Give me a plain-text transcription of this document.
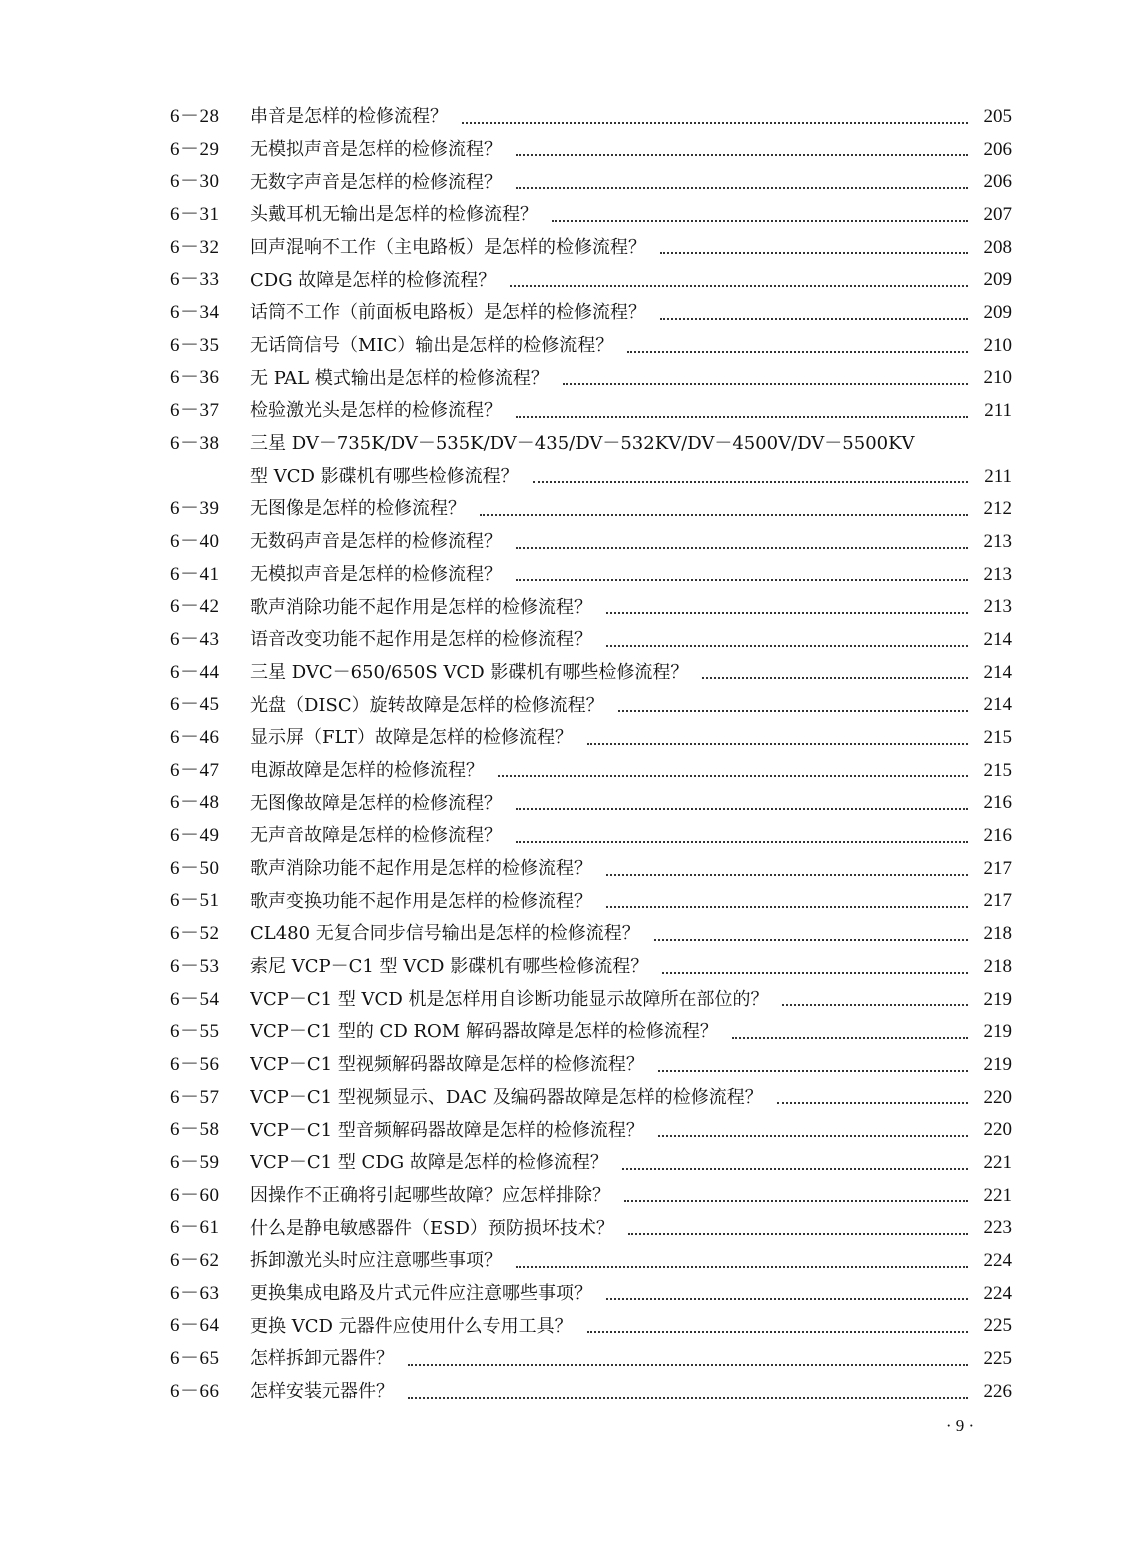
6－28	串音是怎样的检修流程？	205
6－29	无模拟声音是怎样的检修流程？	206
6－30	无数字声音是怎样的检修流程？	206
6－31	头戴耳机无输出是怎样的检修流程？	207
6－32	回声混响不工作（主电路板）是怎样的检修流程？	208
6－33	CDG 故障是怎样的检修流程？	209
6－34	话筒不工作（前面板电路板）是怎样的检修流程？	209
6－35	无话筒信号（MIC）输出是怎样的检修流程？	210
6－36	无 PAL 模式输出是怎样的检修流程？	210
6－37	检验激光头是怎样的检修流程？	211
6－38	三星 DV－735K/DV－535K/DV－435/DV－532KV/DV－4500V/DV－5500KV
型 VCD 影碟机有哪些检修流程？	211
6－39	无图像是怎样的检修流程？	212
6－40	无数码声音是怎样的检修流程？	213
6－41	无模拟声音是怎样的检修流程？	213
6－42	歌声消除功能不起作用是怎样的检修流程？	213
6－43	语音改变功能不起作用是怎样的检修流程？	214
6－44	三星 DVC－650/650S VCD 影碟机有哪些检修流程？	214
6－45	光盘（DISC）旋转故障是怎样的检修流程？	214
6－46	显示屏（FLT）故障是怎样的检修流程？	215
6－47	电源故障是怎样的检修流程？	215
6－48	无图像故障是怎样的检修流程？	216
6－49	无声音故障是怎样的检修流程？	216
6－50	歌声消除功能不起作用是怎样的检修流程？	217
6－51	歌声变换功能不起作用是怎样的检修流程？	217
6－52	CL480 无复合同步信号输出是怎样的检修流程？	218
6－53	索尼 VCP－C1 型 VCD 影碟机有哪些检修流程？	218
6－54	VCP－C1 型 VCD 机是怎样用自诊断功能显示故障所在部位的？	219
6－55	VCP－C1 型的 CD ROM 解码器故障是怎样的检修流程？	219
6－56	VCP－C1 型视频解码器故障是怎样的检修流程？	219
6－57	VCP－C1 型视频显示、DAC 及编码器故障是怎样的检修流程？	220
6－58	VCP－C1 型音频解码器故障是怎样的检修流程？	220
6－59	VCP－C1 型 CDG 故障是怎样的检修流程？	221
6－60	因操作不正确将引起哪些故障？应怎样排除？	221
6－61	什么是静电敏感器件（ESD）预防损坏技术？	223
6－62	拆卸激光头时应注意哪些事项？	224
6－63	更换集成电路及片式元件应注意哪些事项？	224
6－64	更换 VCD 元器件应使用什么专用工具？	225
6－65	怎样拆卸元器件？	225
6－66	怎样安装元器件？	226
· 9 ·
